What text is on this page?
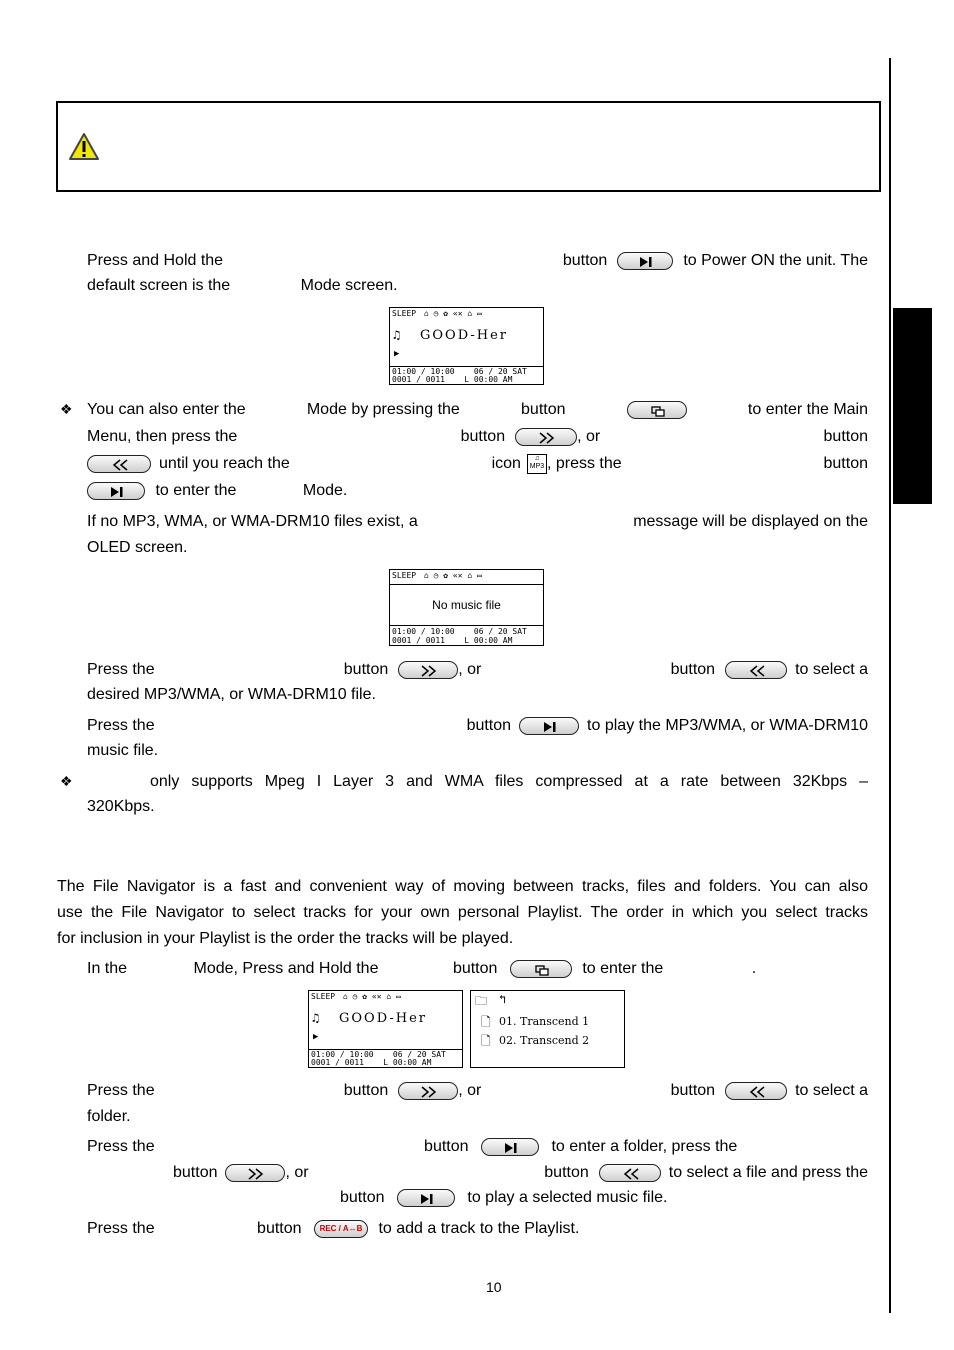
Press and Hold the	button	to Power ON the unit. The
default screen is the	Mode screen.
SLEEP ⌂ ◷ ✿ «✕ ⌂ ▭
♫ GOOD-Her
▶
01:00 / 10:00    06 / 20 SAT
0001 / 0011    L 00:00 AM
❖ You can also enter the	Mode by pressing the	button	to enter the Main
Menu, then press the	button	, or	button
until you reach the	icon	♫
MP3 , press the	button
to enter the	Mode.
If no MP3, WMA, or WMA-DRM10 files exist, a	message will be displayed on the
OLED screen.
SLEEP ⌂ ◷ ✿ «✕ ⌂ ▭
No music file
01:00 / 10:00    06 / 20 SAT
0001 / 0011    L 00:00 AM
Press the	button	, or	button	to select a
desired MP3/WMA, or WMA-DRM10 file.
Press the	button	to play the MP3/WMA, or WMA-DRM10
music file.
❖	only supports Mpeg I Layer 3 and WMA files compressed at a rate between 32Kbps –
320Kbps.
The File Navigator is a fast and convenient way of moving between tracks, files and folders. You can also
use the File Navigator to select tracks for your own personal Playlist. The order in which you select tracks
for inclusion in your Playlist is the order the tracks will be played.
In the	Mode, Press and Hold the	button	to enter the	.
SLEEP ⌂ ◷ ✿ «✕ ⌂ ▭
♫ GOOD-Her
▶
01:00 / 10:00    06 / 20 SAT
0001 / 0011    L 00:00 AM
🗀 ↰
🗋 01. Transcend 1
🗋 02. Transcend 2
Press the	button	, or	button	to select a
folder.
Press the	button	to enter a folder, press the
button	, or	button	to select a file and press the
button	to play a selected music file.
Press the	button REC / A↔B to add a track to the Playlist.
10
